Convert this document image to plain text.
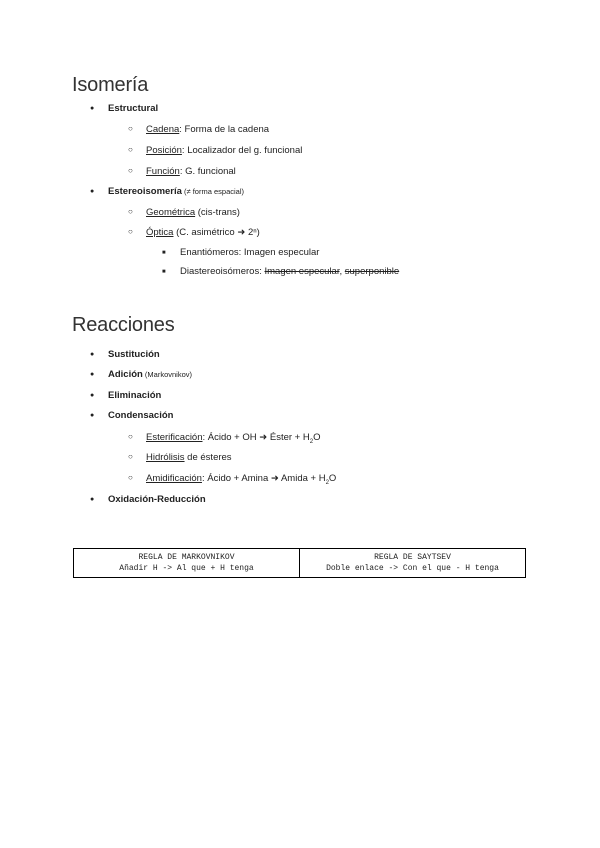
Isomería
●Estructural
○Cadena: Forma de la cadena
○Posición: Localizador del g. funcional
○Función: G. funcional
●Estereoisomería (≠ forma espacial)
○Geométrica (cis-trans)
○Óptica (C. asimétrico ➜ 2ⁿ)
■Enantiómeros: Imagen especular
■Diastereoisómeros: Imagen especular, superponible
Reacciones
●Sustitución
●Adición (Markovnikov)
●Eliminación
●Condensación
○Esterificación: Ácido + OH ➜ Éster + $H_2O$
○Hidrólisis de ésteres
○Amidificación: Ácido + Amina ➜ Amida + $H_2O$
●Oxidación-Reducción
REGLA DE MARKOVNIKOV
Añadir H -> Al que + H tenga

REGLA DE SAYTSEV
Doble enlace -> Con el que - H tenga
